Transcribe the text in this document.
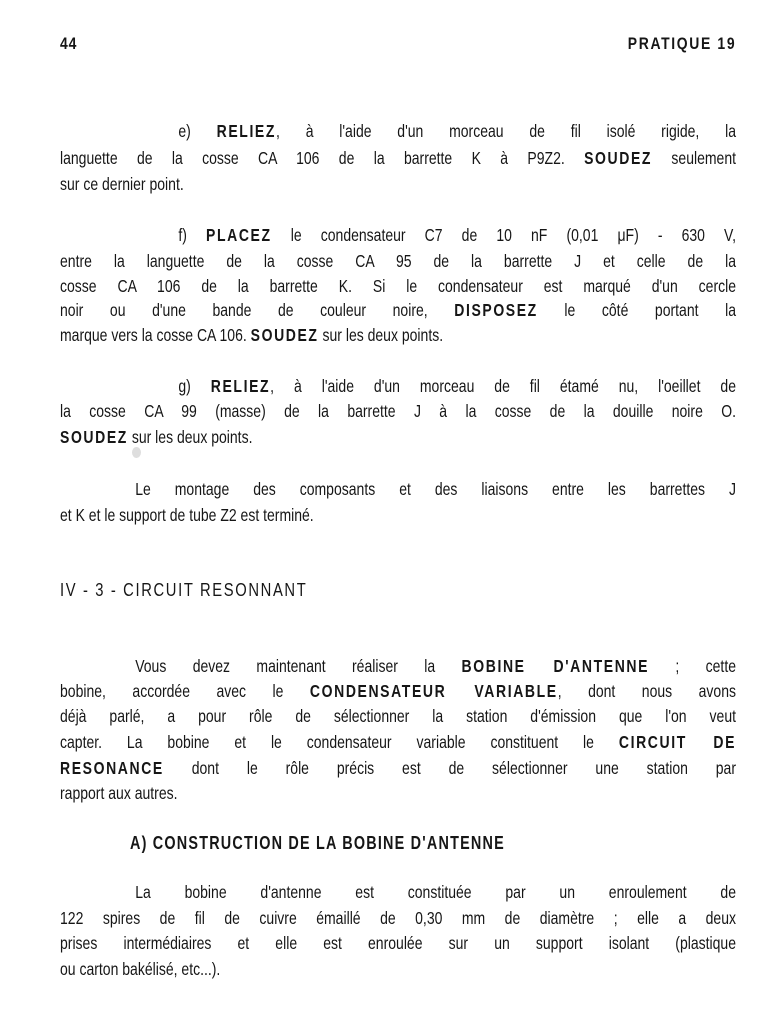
44	PRATIQUE 19
e) RELIEZ, à l'aide d'un morceau de fil isolé rigide, la
languette de la cosse CA 106 de la barrette K à P9Z2. SOUDEZ seulement
sur ce dernier point.
f) PLACEZ le condensateur C7 de 10 nF (0,01 μF) - 630 V,
entre la languette de la cosse CA 95 de la barrette J et celle de la
cosse CA 106 de la barrette K. Si le condensateur est marqué d'un cercle
noir ou d'une bande de couleur noire, DISPOSEZ le côté portant la
marque vers la cosse CA 106. SOUDEZ sur les deux points.
g) RELIEZ, à l'aide d'un morceau de fil étamé nu, l'oeillet de
la cosse CA 99 (masse) de la barrette J à la cosse de la douille noire O.
SOUDEZ sur les deux points.
Le montage des composants et des liaisons entre les barrettes J
et K et le support de tube Z2 est terminé.
IV - 3 - CIRCUIT RESONNANT
Vous devez maintenant réaliser la BOBINE D'ANTENNE ; cette
bobine, accordée avec le CONDENSATEUR VARIABLE, dont nous avons
déjà parlé, a pour rôle de sélectionner la station d'émission que l'on veut
capter. La bobine et le condensateur variable constituent le CIRCUIT DE
RESONANCE dont le rôle précis est de sélectionner une station par
rapport aux autres.
A) CONSTRUCTION DE LA BOBINE D'ANTENNE
La bobine d'antenne est constituée par un enroulement de
122 spires de fil de cuivre émaillé de 0,30 mm de diamètre ; elle a deux
prises intermédiaires et elle est enroulée sur un support isolant (plastique
ou carton bakélisé, etc...).
